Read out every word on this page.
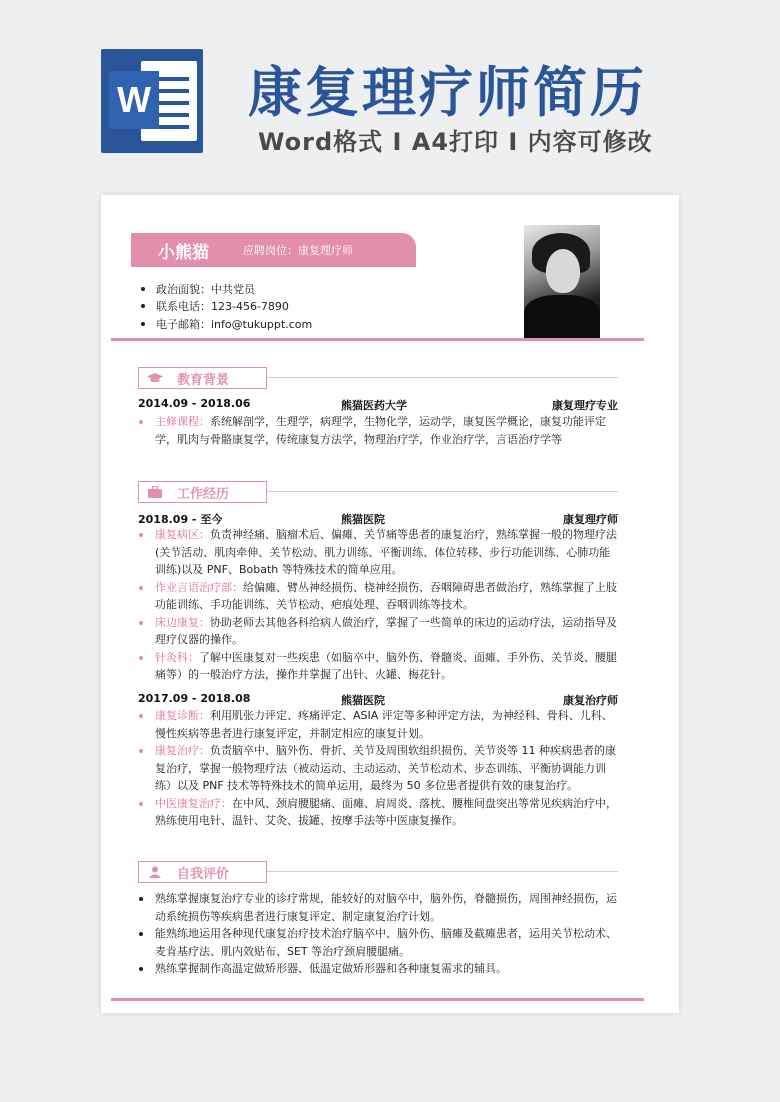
W 康复理疗师简历
Word格式 I A4打印 I 内容可修改
小熊猫	应聘岗位：康复理疗师
政治面貌：中共党员
联系电话：123-456-7890
电子邮箱：info@tukuppt.com
教育背景
2014.09 - 2018.06	熊猫医药大学	康复理疗专业
主修课程：系统解剖学，生理学，病理学，生物化学，运动学，康复医学概论，康复功能评定学，肌肉与骨骼康复学，传统康复方法学，物理治疗学，作业治疗学，言语治疗学等
工作经历
2018.09 - 至今	熊猫医院	康复理疗师
康复病区：负责神经痛、脑瘤术后、偏瘫、关节痛等患者的康复治疗，熟练掌握一般的物理疗法(关节活动、肌肉牵伸、关节松动、肌力训练、平衡训练、体位转移、步行功能训练、心肺功能训练)以及 PNF、Bobath 等特殊技术的简单应用。
作业言语治疗部：给偏瘫、臂丛神经损伤、桡神经损伤、吞咽障碍患者做治疗，熟练掌握了上肢功能训练、手功能训练、关节松动、疤痕处理、吞咽训练等技术。
床边康复：协助老师去其他各科给病人做治疗，掌握了一些简单的床边的运动疗法，运动指导及理疗仪器的操作。
针灸科：了解中医康复对一些疾患（如脑卒中、脑外伤、脊髓炎、面瘫、手外伤、关节炎、腰腿痛等）的一般治疗方法，操作并掌握了出针、火罐、梅花针。
2017.09 - 2018.08	熊猫医院	康复治疗师
康复诊断：利用肌张力评定、疼痛评定、ASIA 评定等多种评定方法，为神经科、骨科、儿科、慢性疾病等患者进行康复评定，并制定相应的康复计划。
康复治疗：负责脑卒中、脑外伤、骨折、关节及周围软组织损伤、关节炎等 11 种疾病患者的康复治疗，掌握一般物理疗法（被动运动、主动运动、关节松动术、步态训练、平衡协调能力训练）以及 PNF 技术等特殊技术的简单运用，最终为 50 多位患者提供有效的康复治疗。
中医康复治疗：在中风、颈肩腰腿痛、面瘫、肩周炎、落枕、腰椎间盘突出等常见疾病治疗中，熟练使用电针、温针、艾灸、拔罐、按摩手法等中医康复操作。
自我评价
熟练掌握康复治疗专业的诊疗常规，能较好的对脑卒中，脑外伤，脊髓损伤，周围神经损伤，运动系统损伤等疾病患者进行康复评定、制定康复治疗计划。
能熟练地运用各种现代康复治疗技术治疗脑卒中、脑外伤、脑瘫及截瘫患者，运用关节松动术、麦肯基疗法、肌内效贴布、SET 等治疗颈肩腰腿痛。
熟练掌握制作高温定做矫形器、低温定做矫形器和各种康复需求的辅具。
